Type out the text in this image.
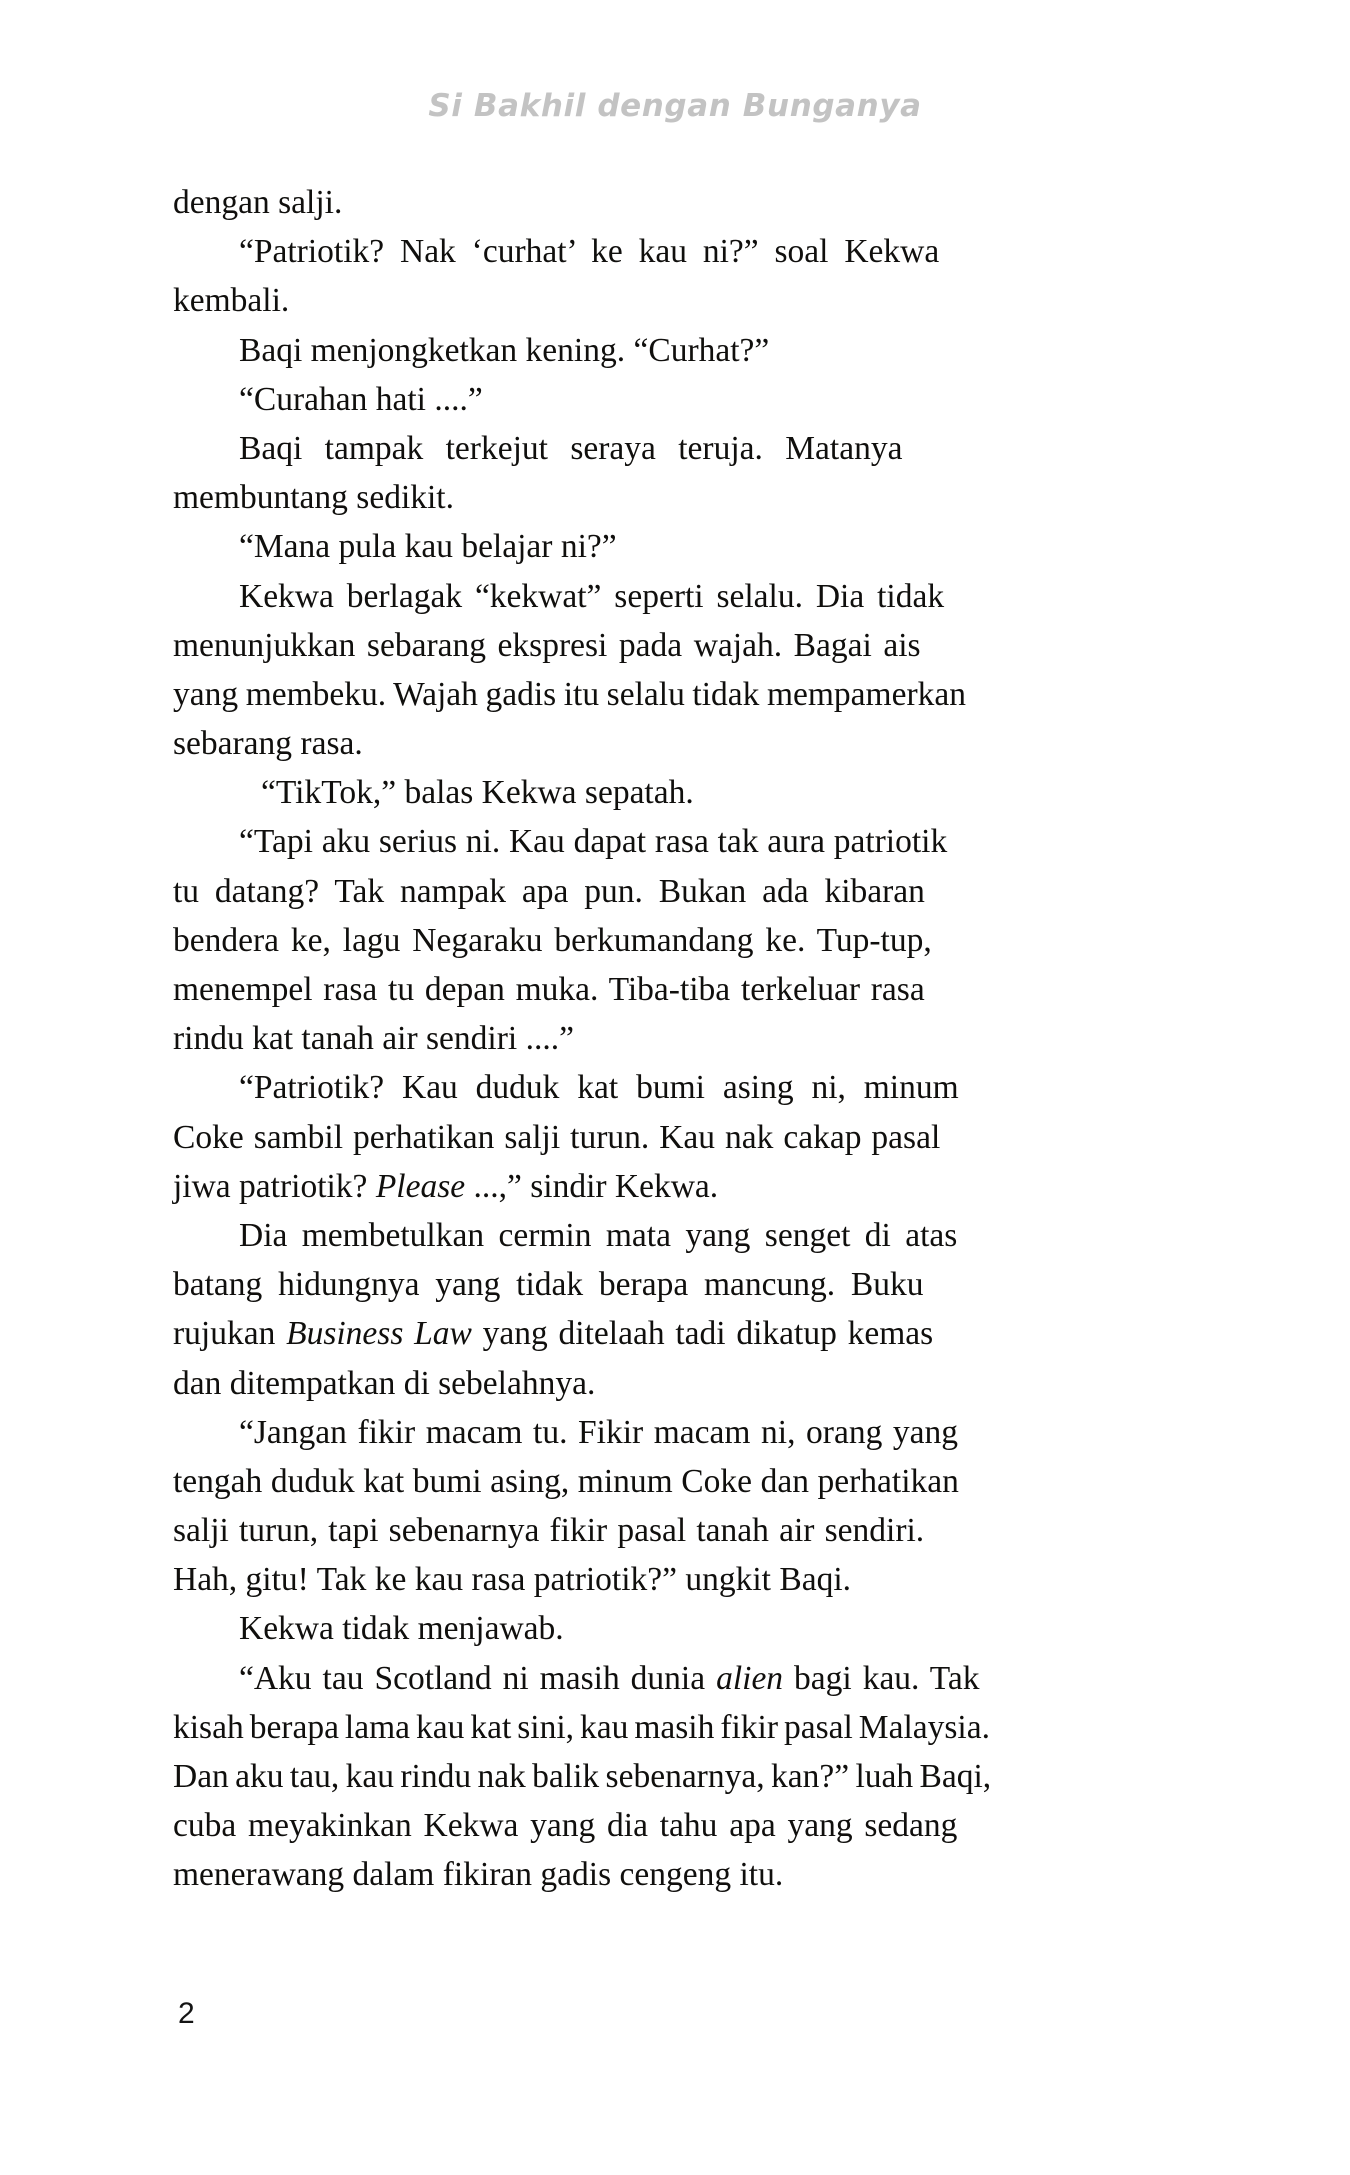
Si Bakhil dengan Bunganya
dengan salji.
“Patriotik? Nak ‘curhat’ ke kau ni?” soal Kekwa
kembali.
Baqi menjongketkan kening. “Curhat?”
“Curahan hati ....”
Baqi tampak terkejut seraya teruja. Matanya
membuntang sedikit.
“Mana pula kau belajar ni?”
Kekwa berlagak “kekwat” seperti selalu. Dia tidak
menunjukkan sebarang ekspresi pada wajah. Bagai ais
yang membeku. Wajah gadis itu selalu tidak mempamerkan
sebarang rasa.
“TikTok,” balas Kekwa sepatah.
“Tapi aku serius ni. Kau dapat rasa tak aura patriotik
tu datang? Tak nampak apa pun. Bukan ada kibaran
bendera ke, lagu Negaraku berkumandang ke. Tup-tup,
menempel rasa tu depan muka. Tiba-tiba terkeluar rasa
rindu kat tanah air sendiri ....”
“Patriotik? Kau duduk kat bumi asing ni, minum
Coke sambil perhatikan salji turun. Kau nak cakap pasal
jiwa patriotik? Please ...,” sindir Kekwa.
Dia membetulkan cermin mata yang senget di atas
batang hidungnya yang tidak berapa mancung. Buku
rujukan Business Law yang ditelaah tadi dikatup kemas
dan ditempatkan di sebelahnya.
“Jangan fikir macam tu. Fikir macam ni, orang yang
tengah duduk kat bumi asing, minum Coke dan perhatikan
salji turun, tapi sebenarnya fikir pasal tanah air sendiri.
Hah, gitu! Tak ke kau rasa patriotik?” ungkit Baqi.
Kekwa tidak menjawab.
“Aku tau Scotland ni masih dunia alien bagi kau. Tak
kisah berapa lama kau kat sini, kau masih fikir pasal Malaysia.
Dan aku tau, kau rindu nak balik sebenarnya, kan?” luah Baqi,
cuba meyakinkan Kekwa yang dia tahu apa yang sedang
menerawang dalam fikiran gadis cengeng itu.
2
